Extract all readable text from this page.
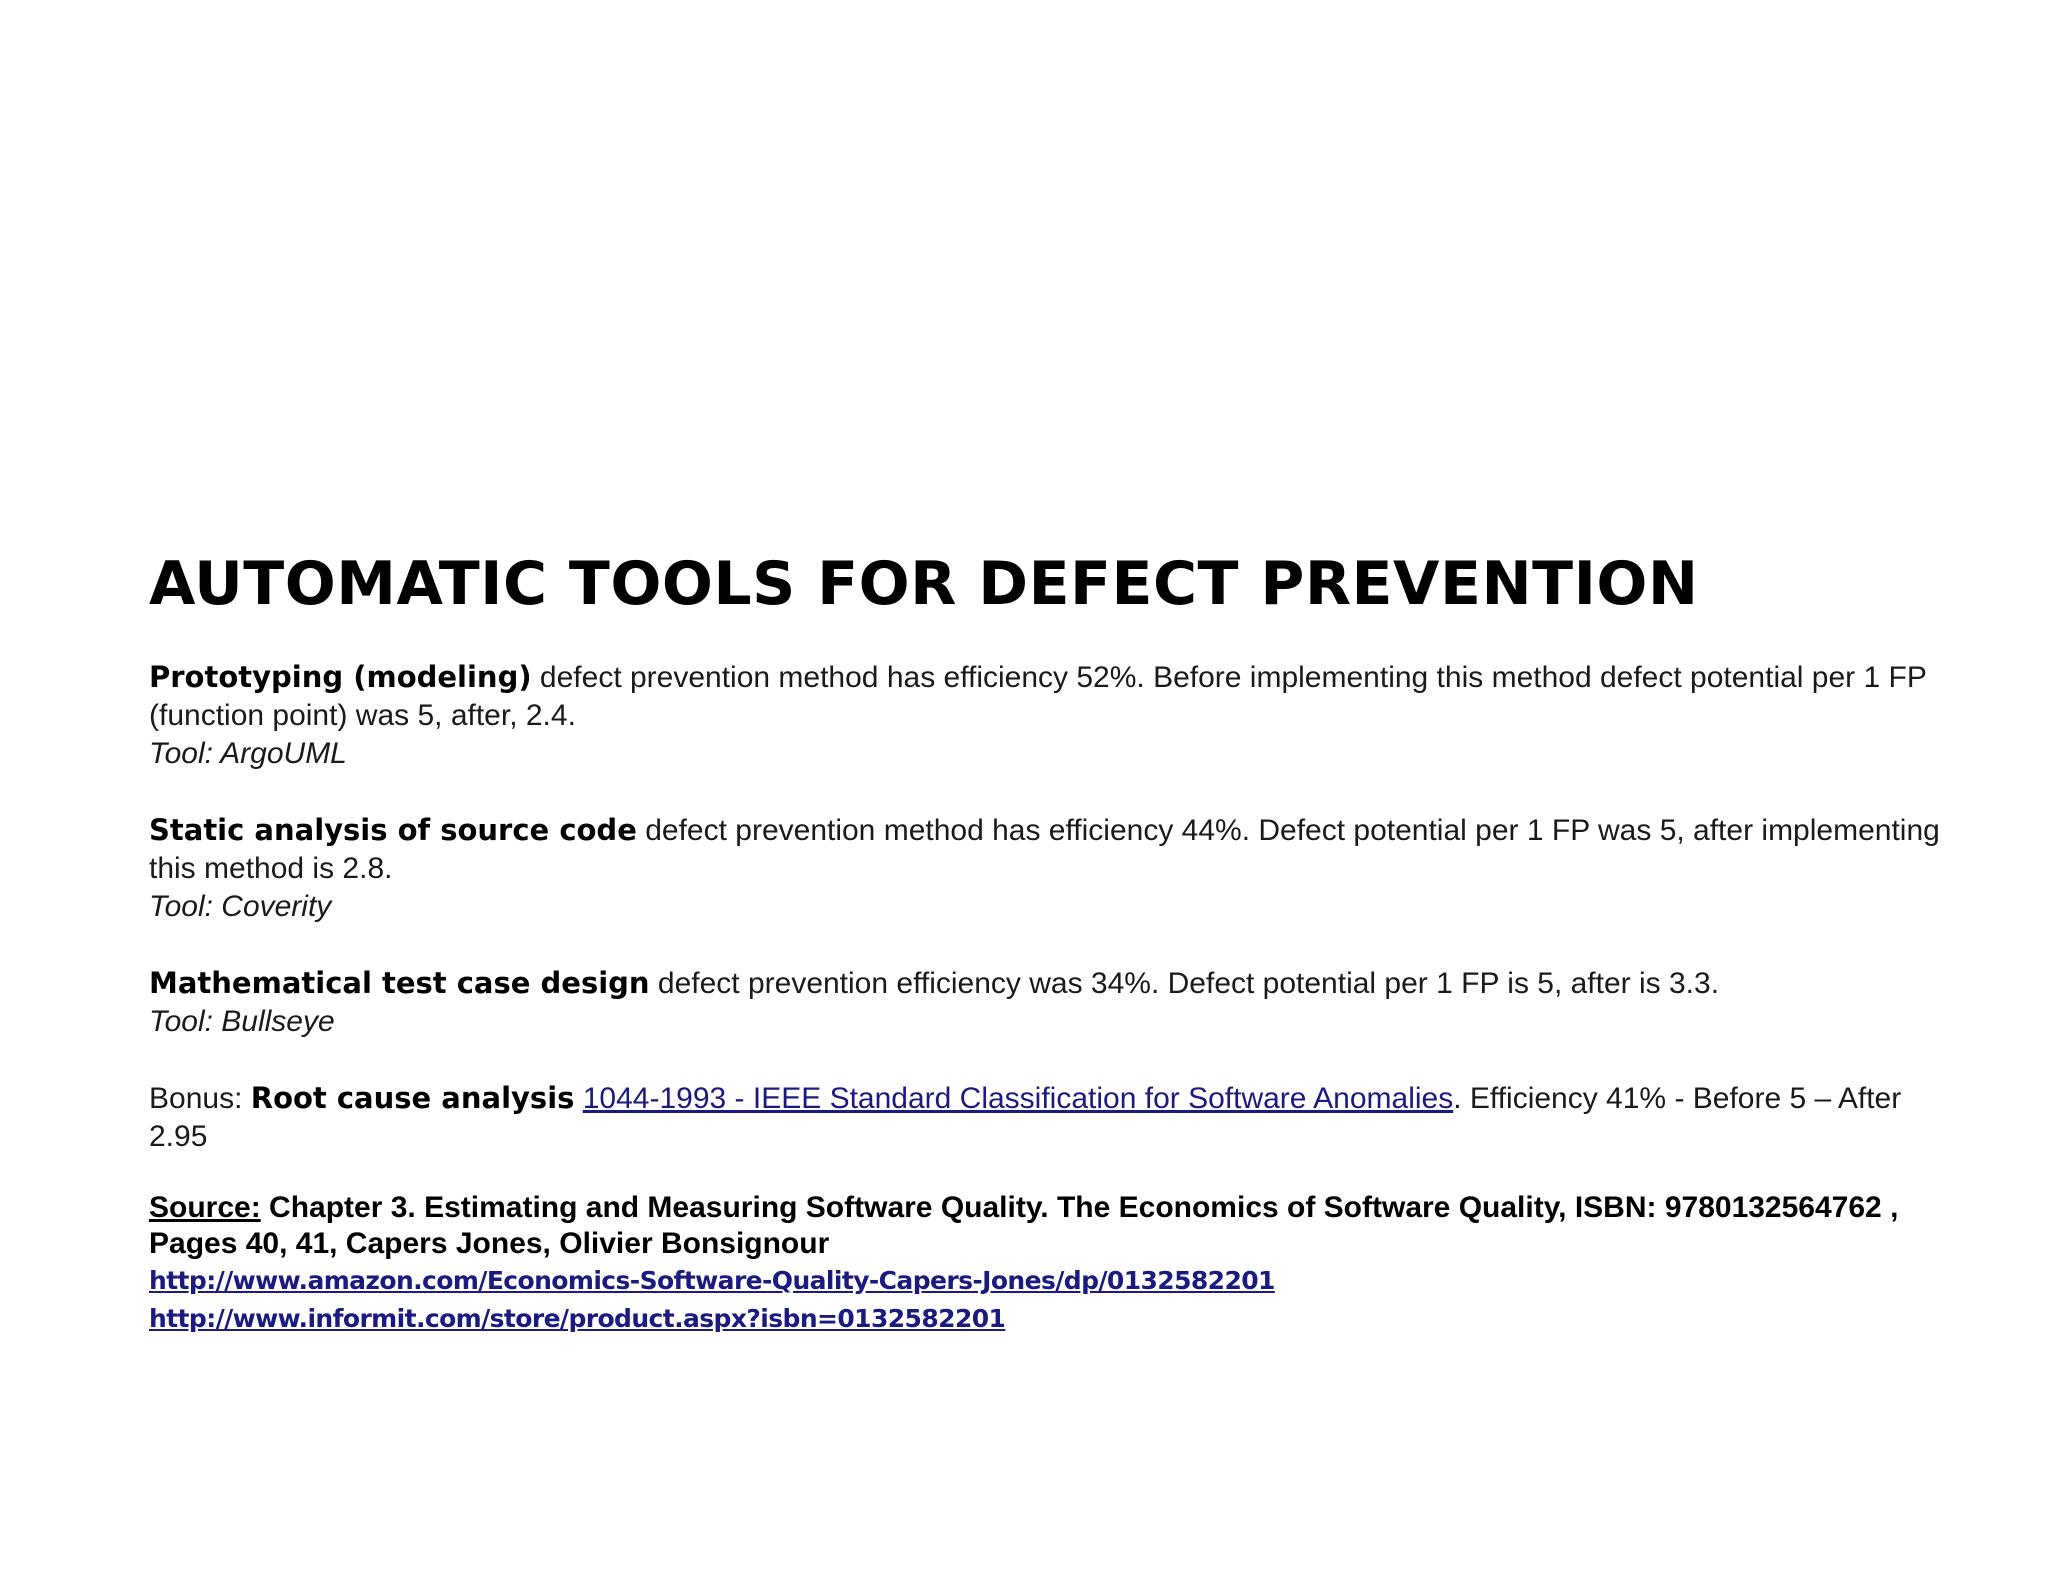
AUTOMATIC TOOLS FOR DEFECT PREVENTION

Prototyping (modeling) defect prevention method has efficiency 52%. Before implementing this method defect potential per 1 FP (function point) was 5, after, 2.4.

Tool: ArgoUML

Static analysis of source code defect prevention method has efficiency 44%. Defect potential per 1 FP was 5, after implementing this method is 2.8.

Tool: Coverity

Mathematical test case design defect prevention efficiency was 34%. Defect potential per 1 FP is 5, after is 3.3.

Tool: Bullseye

Bonus: Root cause analysis 1044-1993 - IEEE Standard Classification for Software Anomalies. Efficiency 41% - Before 5 – After 2.95

Source: Chapter 3. Estimating and Measuring Software Quality. The Economics of Software Quality, ISBN: 9780132564762 , Pages 40, 41, Capers Jones, Olivier Bonsignour

http://www.amazon.com/Economics-Software-Quality-Capers-Jones/dp/0132582201

http://www.informit.com/store/product.aspx?isbn=0132582201
